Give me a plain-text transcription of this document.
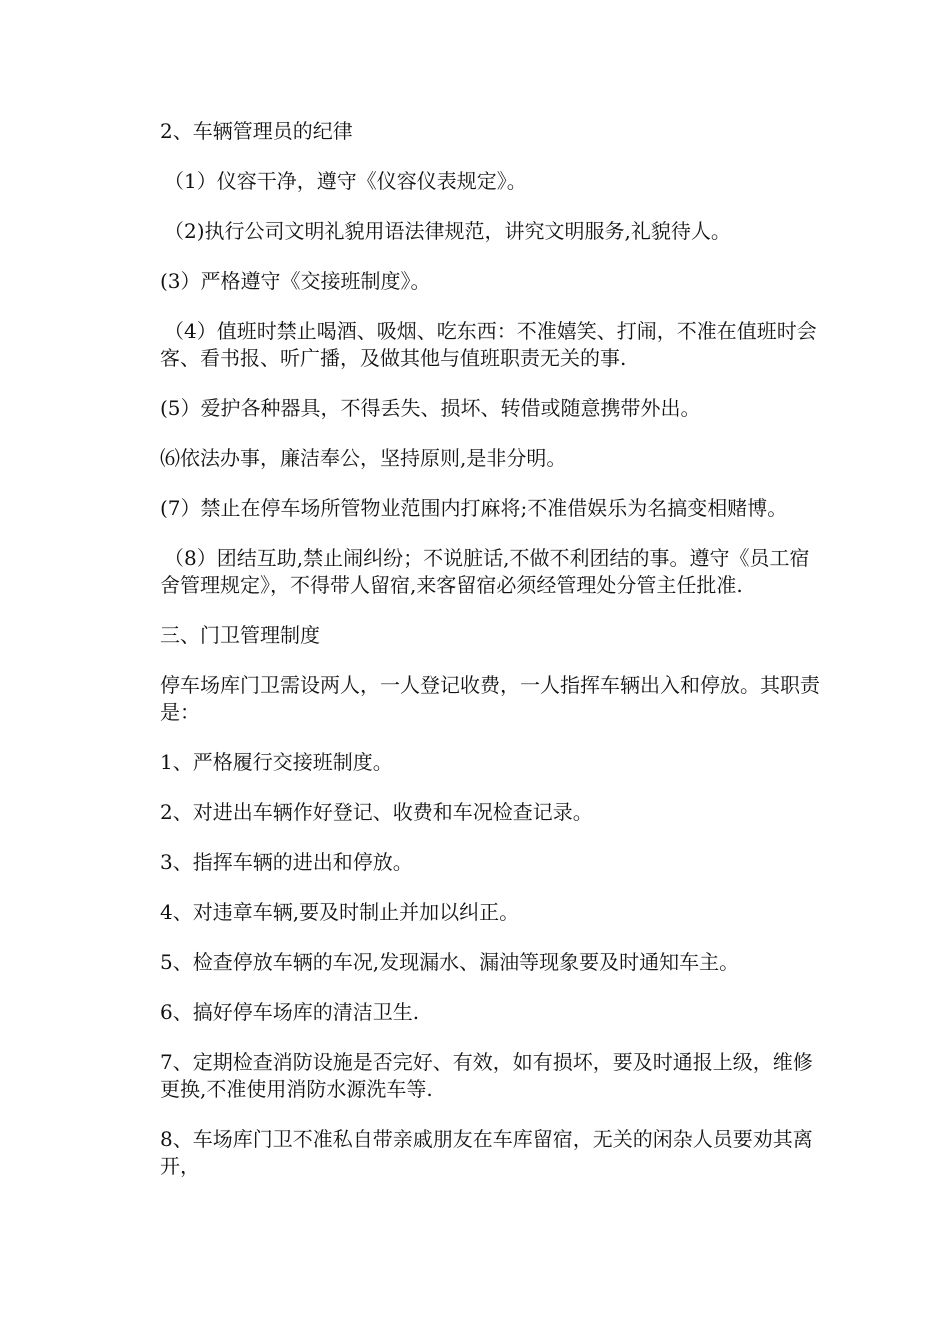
2、车辆管理员的纪律

（1）仪容干净，遵守《仪容仪表规定》。

（2)执行公司文明礼貌用语法律规范，讲究文明服务,礼貌待人。

(3）严格遵守《交接班制度》。

（4）值班时禁止喝酒、吸烟、吃东西：不准嬉笑、打闹，不准在值班时会客、看书报、听广播，及做其他与值班职责无关的事.

(5）爱护各种器具，不得丢失、损坏、转借或随意携带外出。

⑹依法办事，廉洁奉公，坚持原则,是非分明。

(7）禁止在停车场所管物业范围内打麻将;不准借娱乐为名搞变相赌博。

（8）团结互助,禁止闹纠纷；不说脏话,不做不利团结的事。遵守《员工宿舍管理规定》，不得带人留宿,来客留宿必须经管理处分管主任批准.

三、门卫管理制度

停车场库门卫需设两人，一人登记收费，一人指挥车辆出入和停放。其职责是：

1、严格履行交接班制度。

2、对进出车辆作好登记、收费和车况检查记录。

3、指挥车辆的进出和停放。

4、对违章车辆,要及时制止并加以纠正。

5、检查停放车辆的车况,发现漏水、漏油等现象要及时通知车主。

6、搞好停车场库的清洁卫生.

7、定期检查消防设施是否完好、有效，如有损坏，要及时通报上级，维修更换,不准使用消防水源洗车等.

8、车场库门卫不准私自带亲戚朋友在车库留宿，无关的闲杂人员要劝其离开，
